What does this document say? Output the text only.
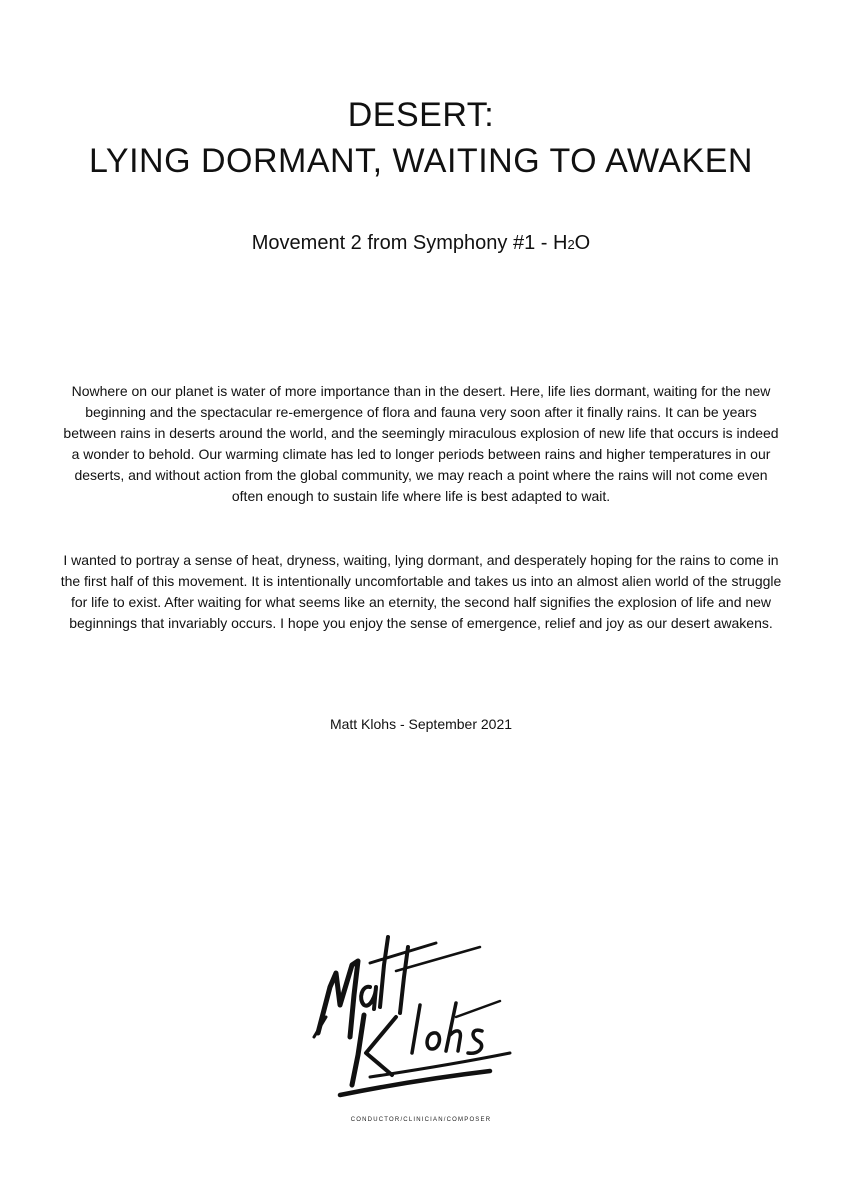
DESERT:
LYING DORMANT, WAITING TO AWAKEN
Movement 2 from Symphony #1 - H2O

Nowhere on our planet is water of more importance than in the desert. Here, life lies dormant, waiting for the new beginning and the spectacular re-emergence of flora and fauna very soon after it finally rains. It can be years between rains in deserts around the world, and the seemingly miraculous explosion of new life that occurs is indeed a wonder to behold. Our warming climate has led to longer periods between rains and higher temperatures in our deserts, and without action from the global community, we may reach a point where the rains will not come even often enough to sustain life where life is best adapted to wait.

I wanted to portray a sense of heat, dryness, waiting, lying dormant, and desperately hoping for the rains to come in the first half of this movement. It is intentionally uncomfortable and takes us into an almost alien world of the struggle for life to exist. After waiting for what seems like an eternity, the second half signifies the explosion of life and new beginnings that invariably occurs. I hope you enjoy the sense of emergence, relief and joy as our desert awakens.

Matt Klohs - September 2021
CONDUCTOR/CLINICIAN/COMPOSER
